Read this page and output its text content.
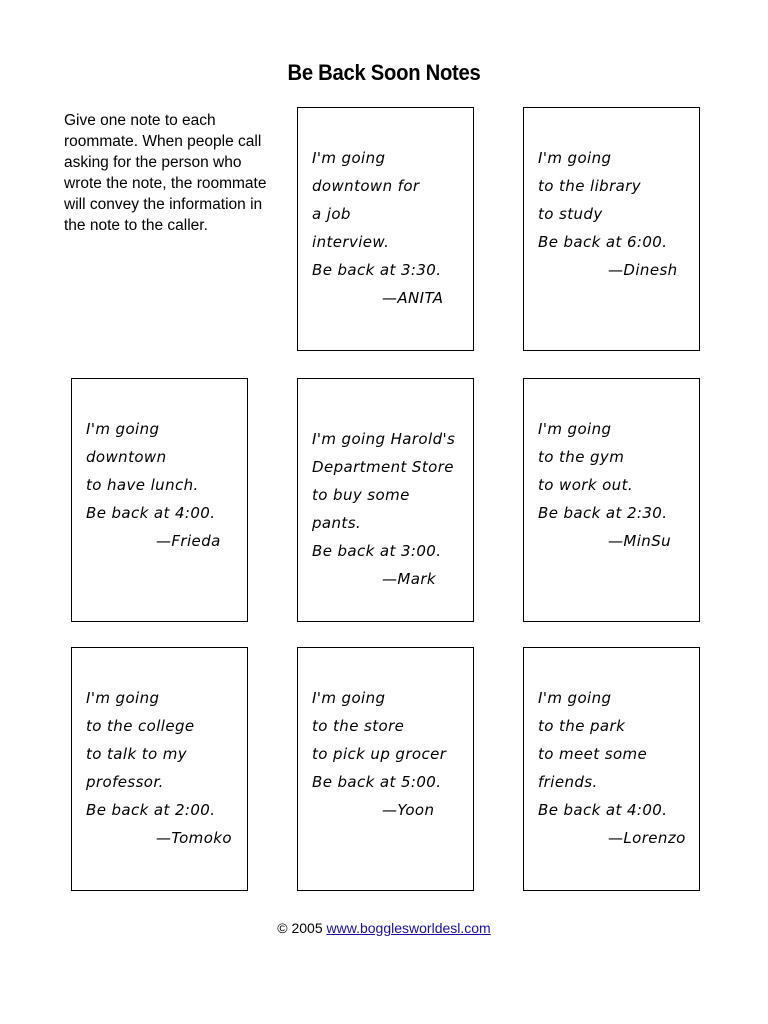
Be Back Soon Notes
Give one note to each roommate. When people call asking for the person who wrote the note, the roommate will convey the information in the note to the caller.
I'm going
downtown for
a job
interview.
Be back at 3:30.
—ANITA
I'm going
to the library
to study
Be back at 6:00.
—Dinesh
I'm going
downtown
to have lunch.
Be back at 4:00.
—Frieda
I'm going Harold's
Department Store
to buy some
pants.
Be back at 3:00.
—Mark
I'm going
to the gym
to work out.
Be back at 2:30.
—MinSu
I'm going
to the college
to talk to my
professor.
Be back at 2:00.
—Tomoko
I'm going
to the store
to pick up grocer
Be back at 5:00.
—Yoon
I'm going
to the park
to meet some
friends.
Be back at 4:00.
—Lorenzo
© 2005 www.bogglesworldesl.com
